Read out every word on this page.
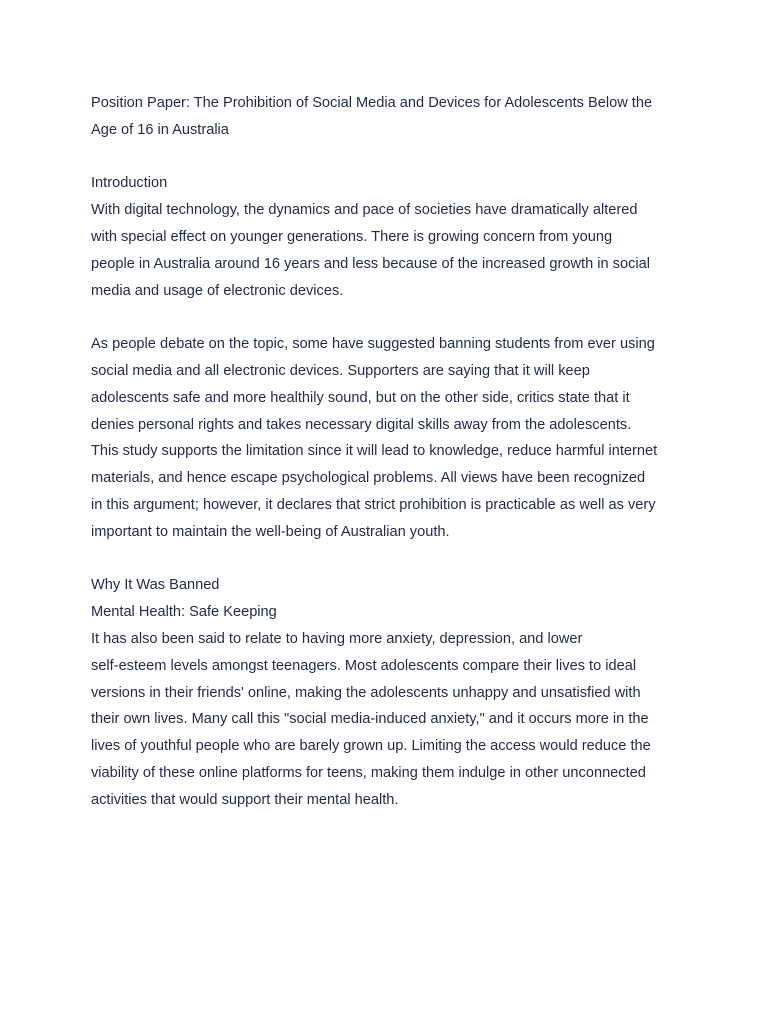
Position Paper: The Prohibition of Social Media and Devices for Adolescents Below the

Age of 16 in Australia

Introduction

With digital technology, the dynamics and pace of societies have dramatically altered

with special effect on younger generations. There is growing concern from young

people in Australia around 16 years and less because of the increased growth in social

media and usage of electronic devices.

As people debate on the topic, some have suggested banning students from ever using

social media and all electronic devices. Supporters are saying that it will keep

adolescents safe and more healthily sound, but on the other side, critics state that it

denies personal rights and takes necessary digital skills away from the adolescents.

This study supports the limitation since it will lead to knowledge, reduce harmful internet

materials, and hence escape psychological problems. All views have been recognized

in this argument; however, it declares that strict prohibition is practicable as well as very

important to maintain the well-being of Australian youth.

Why It Was Banned

Mental Health: Safe Keeping

It has also been said to relate to having more anxiety, depression, and lower

self-esteem levels amongst teenagers. Most adolescents compare their lives to ideal

versions in their friends' online, making the adolescents unhappy and unsatisfied with

their own lives. Many call this "social media-induced anxiety," and it occurs more in the

lives of youthful people who are barely grown up. Limiting the access would reduce the

viability of these online platforms for teens, making them indulge in other unconnected

activities that would support their mental health.
